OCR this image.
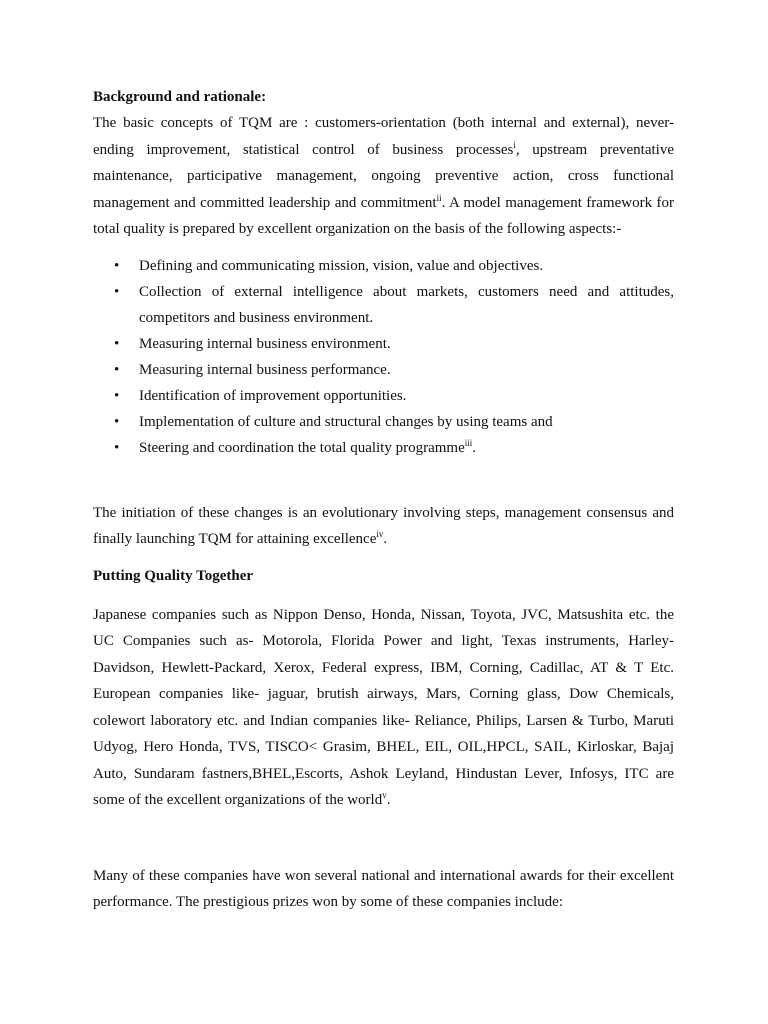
Background and rationale:

The basic concepts of TQM are : customers-orientation (both internal and external), never-ending improvement, statistical control of business processes$^i$, upstream preventative maintenance, participative management, ongoing preventive action, cross functional management and committed leadership and commitment$^{ii}$. A model management framework for total quality is prepared by excellent organization on the basis of the following aspects:-

• Defining and communicating mission, vision, value and objectives.
• Collection of external intelligence about markets, customers need and attitudes, competitors and business environment.
• Measuring internal business environment.
• Measuring internal business performance.
• Identification of improvement opportunities.
• Implementation of culture and structural changes by using teams and
• Steering and coordination the total quality programme$^{iii}$.

The initiation of these changes is an evolutionary involving steps, management consensus and finally launching TQM for attaining excellence$^{iv}$.

Putting Quality Together

Japanese companies such as Nippon Denso, Honda, Nissan, Toyota, JVC, Matsushita etc. the UC Companies such as- Motorola, Florida Power and light, Texas instruments, Harley-Davidson, Hewlett-Packard, Xerox, Federal express, IBM, Corning, Cadillac, AT & T Etc. European companies like- jaguar, brutish airways, Mars, Corning glass, Dow Chemicals, colewort laboratory etc. and Indian companies like- Reliance, Philips, Larsen & Turbo, Maruti Udyog, Hero Honda, TVS, TISCO< Grasim, BHEL, EIL, OIL,HPCL, SAIL, Kirloskar, Bajaj Auto, Sundaram fastners,BHEL,Escorts, Ashok Leyland, Hindustan Lever, Infosys, ITC are some of the excellent organizations of the world$^v$.

Many of these companies have won several national and international awards for their excellent performance. The prestigious prizes won by some of these companies include:
